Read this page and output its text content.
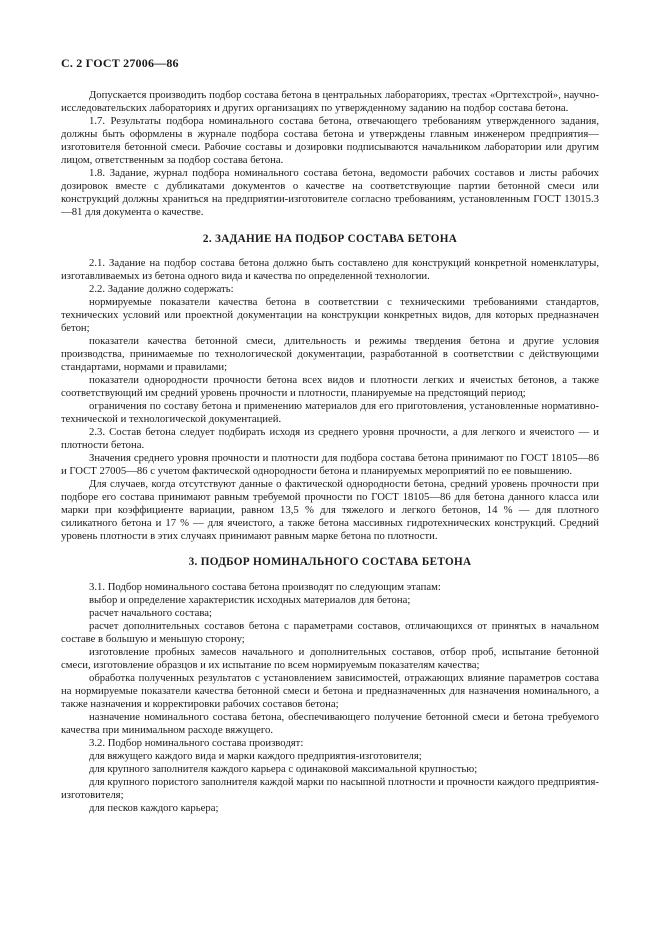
С. 2 ГОСТ 27006—86

Допускается производить подбор состава бетона в центральных лабораториях, трестах «Оргтехстрой», научно-исследовательских лабораториях и других организациях по утвержденному заданию на подбор состава бетона.

1.7. Результаты подбора номинального состава бетона, отвечающего требованиям утвержденного задания, должны быть оформлены в журнале подбора состава бетона и утверждены главным инженером предприятия—изготовителя бетонной смеси. Рабочие составы и дозировки подписываются начальником лаборатории или другим лицом, ответственным за подбор состава бетона.

1.8. Задание, журнал подбора номинального состава бетона, ведомости рабочих составов и листы рабочих дозировок вместе с дубликатами документов о качестве на соответствующие партии бетонной смеси или конструкций должны храниться на предприятии-изготовителе согласно требованиям, установленным ГОСТ 13015.3—81 для документа о качестве.

2. ЗАДАНИЕ НА ПОДБОР СОСТАВА БЕТОНА

2.1. Задание на подбор состава бетона должно быть составлено для конструкций конкретной номенклатуры, изготавливаемых из бетона одного вида и качества по определенной технологии.

2.2. Задание должно содержать:

нормируемые показатели качества бетона в соответствии с техническими требованиями стандартов, технических условий или проектной документации на конструкции конкретных видов, для которых предназначен бетон;

показатели качества бетонной смеси, длительность и режимы твердения бетона и другие условия производства, принимаемые по технологической документации, разработанной в соответствии с действующими стандартами, нормами и правилами;

показатели однородности прочности бетона всех видов и плотности легких и ячеистых бетонов, а также соответствующий им средний уровень прочности и плотности, планируемые на предстоящий период;

ограничения по составу бетона и применению материалов для его приготовления, установленные нормативно-технической и технологической документацией.

2.3. Состав бетона следует подбирать исходя из среднего уровня прочности, а для легкого и ячеистого — и плотности бетона.

Значения среднего уровня прочности и плотности для подбора состава бетона принимают по ГОСТ 18105—86 и ГОСТ 27005—86 с учетом фактической однородности бетона и планируемых мероприятий по ее повышению.

Для случаев, когда отсутствуют данные о фактической однородности бетона, средний уровень прочности при подборе его состава принимают равным требуемой прочности по ГОСТ 18105—86 для бетона данного класса или марки при коэффициенте вариации, равном 13,5 % для тяжелого и легкого бетонов, 14 % — для плотного силикатного бетона и 17 % — для ячеистого, а также бетона массивных гидротехнических конструкций. Средний уровень плотности в этих случаях принимают равным марке бетона по плотности.

3. ПОДБОР НОМИНАЛЬНОГО СОСТАВА БЕТОНА

3.1. Подбор номинального состава бетона производят по следующим этапам:

выбор и определение характеристик исходных материалов для бетона;

расчет начального состава;

расчет дополнительных составов бетона с параметрами составов, отличающихся от принятых в начальном составе в большую и меньшую сторону;

изготовление пробных замесов начального и дополнительных составов, отбор проб, испытание бетонной смеси, изготовление образцов и их испытание по всем нормируемым показателям качества;

обработка полученных результатов с установлением зависимостей, отражающих влияние параметров состава на нормируемые показатели качества бетонной смеси и бетона и предназначенных для назначения номинального, а также назначения и корректировки рабочих составов бетона;

назначение номинального состава бетона, обеспечивающего получение бетонной смеси и бетона требуемого качества при минимальном расходе вяжущего.

3.2. Подбор номинального состава производят:

для вяжущего каждого вида и марки каждого предприятия-изготовителя;

для крупного заполнителя каждого карьера с одинаковой максимальной крупностью;

для крупного пористого заполнителя каждой марки по насыпной плотности и прочности каждого предприятия-изготовителя;

для песков каждого карьера;
